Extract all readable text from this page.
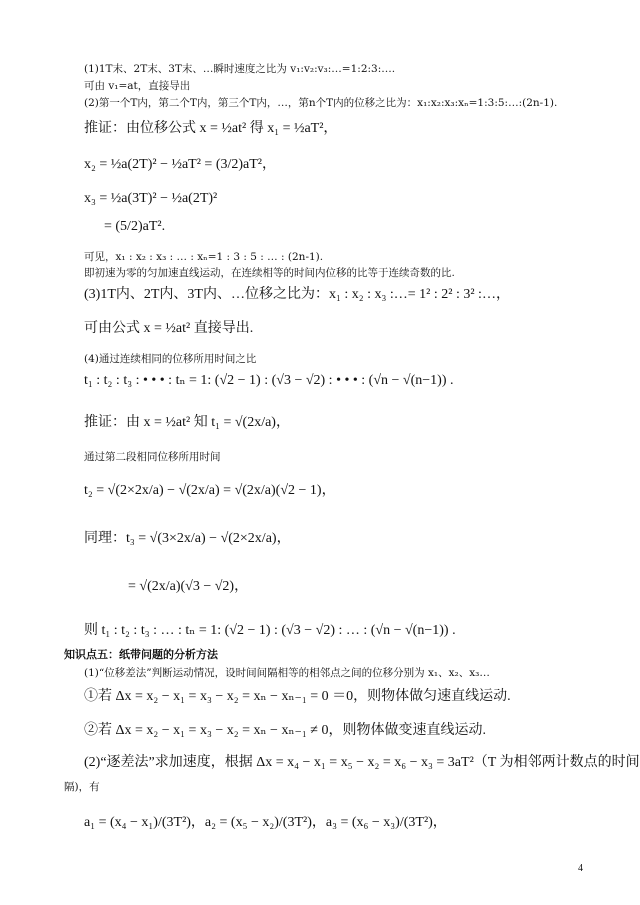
(1)1T末、2T末、3T末、…瞬时速度之比为 v₁:v₂:v₃:…=1:2:3:….
可由 v₁=at，直接导出
(2)第一个T内，第二个T内，第三个T内，…，第n个T内的位移之比为：x₁:x₂:x₃:xₙ=1:3:5:…:(2n-1).
推证：由位移公式 x = ½at² 得 x₁ = ½aT²，
x₂ = ½a(2T)² − ½aT² = (3/2)aT²，
x₃ = ½a(3T)² − ½a(2T)²
= (5/2)aT².
可见，x₁ : x₂ : x₃ : … : xₙ=1 : 3 : 5 : … : (2n-1).
即初速为零的匀加速直线运动，在连续相等的时间内位移的比等于连续奇数的比.
(3)1T内、2T内、3T内、…位移之比为：x₁ : x₂ : x₃ :…= 1² : 2² : 3² :…，
可由公式 x = ½at² 直接导出.
(4)通过连续相同的位移所用时间之比
t₁ : t₂ : t₃ : • • • : tₙ = 1: (√2 − 1) : (√3 − √2) : • • • : (√n − √(n−1)) .
推证：由 x = ½at² 知 t₁ = √(2x/a)，
通过第二段相同位移所用时间
t₂ = √(2×2x/a) − √(2x/a) = √(2x/a)(√2 − 1)，
同理：t₃ = √(3×2x/a) − √(2×2x/a)，
= √(2x/a)(√3 − √2)，
则 t₁ : t₂ : t₃ : … : tₙ = 1: (√2 − 1) : (√3 − √2) : … : (√n − √(n−1)) .
知识点五：纸带问题的分析方法
(1)“位移差法”判断运动情况，设时间间隔相等的相邻点之间的位移分别为 x₁、x₂、x₃…
①若 Δx = x₂ − x₁ = x₃ − x₂ = xₙ − xₙ₋₁ = 0 ＝0，则物体做匀速直线运动.
②若 Δx = x₂ − x₁ = x₃ − x₂ = xₙ − xₙ₋₁ ≠ 0，则物体做变速直线运动.
(2)“逐差法”求加速度，根据 Δx = x₄ − x₁ = x₅ − x₂ = x₆ − x₃ = 3aT²（T 为相邻两计数点的时间
隔)，有
a₁ = (x₄ − x₁)/(3T²)，a₂ = (x₅ − x₂)/(3T²)，a₃ = (x₆ − x₃)/(3T²)，
4
